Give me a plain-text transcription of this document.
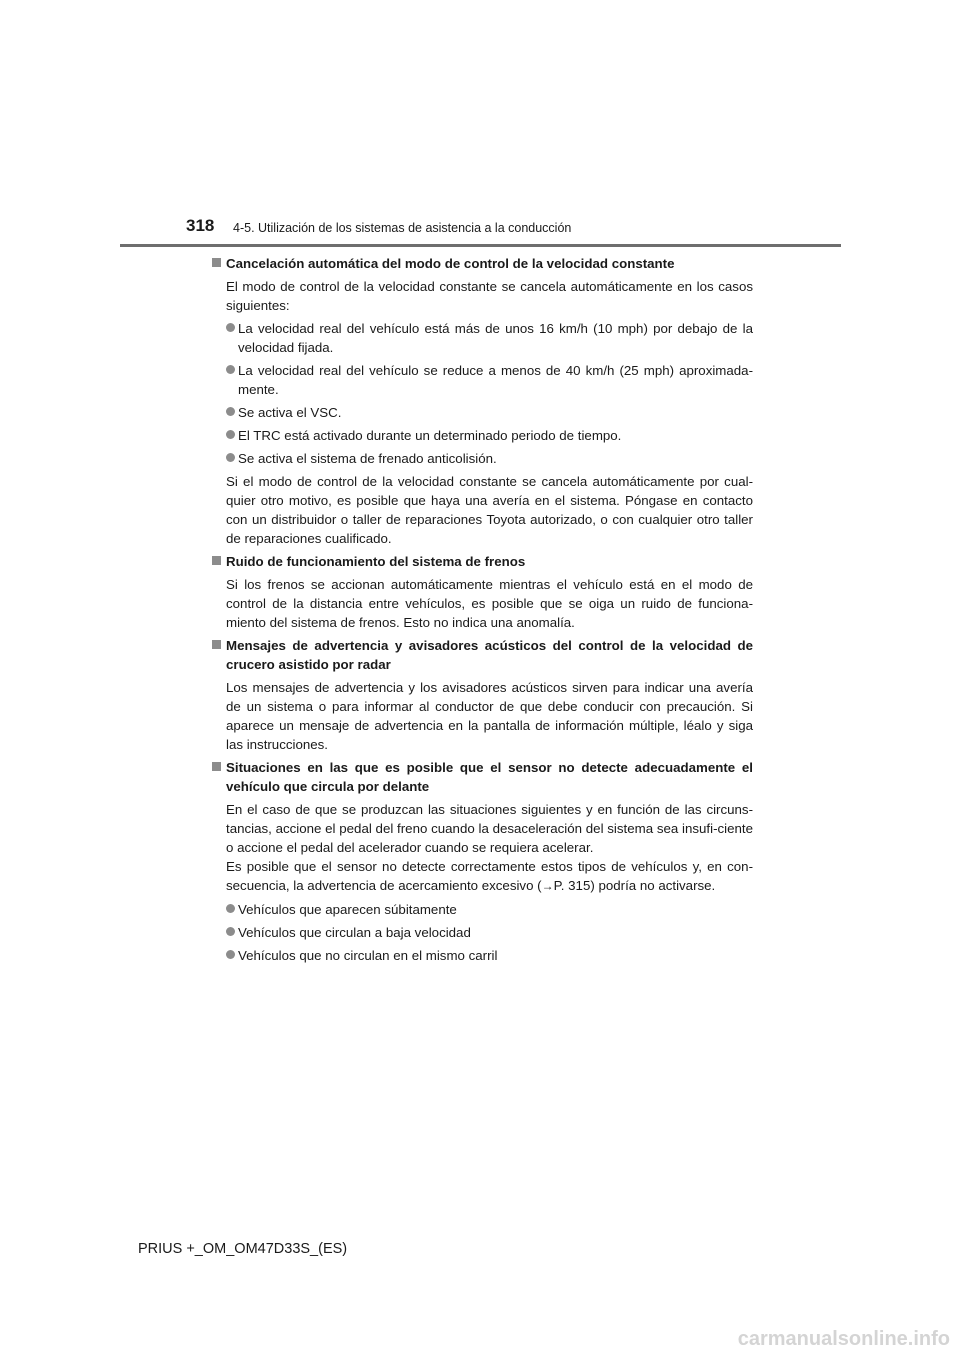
318 4-5. Utilización de los sistemas de asistencia a la conducción
Cancelación automática del modo de control de la velocidad constante
El modo de control de la velocidad constante se cancela automáticamente en los casos siguientes:
La velocidad real del vehículo está más de unos 16 km/h (10 mph) por debajo de la velocidad fijada.
La velocidad real del vehículo se reduce a menos de 40 km/h (25 mph) aproximada-mente.
Se activa el VSC.
El TRC está activado durante un determinado periodo de tiempo.
Se activa el sistema de frenado anticolisión.
Si el modo de control de la velocidad constante se cancela automáticamente por cual-quier otro motivo, es posible que haya una avería en el sistema. Póngase en contacto con un distribuidor o taller de reparaciones Toyota autorizado, o con cualquier otro taller de reparaciones cualificado.
Ruido de funcionamiento del sistema de frenos
Si los frenos se accionan automáticamente mientras el vehículo está en el modo de control de la distancia entre vehículos, es posible que se oiga un ruido de funciona-miento del sistema de frenos. Esto no indica una anomalía.
Mensajes de advertencia y avisadores acústicos del control de la velocidad de crucero asistido por radar
Los mensajes de advertencia y los avisadores acústicos sirven para indicar una avería de un sistema o para informar al conductor de que debe conducir con precaución. Si aparece un mensaje de advertencia en la pantalla de información múltiple, léalo y siga las instrucciones.
Situaciones en las que es posible que el sensor no detecte adecuadamente el vehículo que circula por delante
En el caso de que se produzcan las situaciones siguientes y en función de las circuns-tancias, accione el pedal del freno cuando la desaceleración del sistema sea insufi-ciente o accione el pedal del acelerador cuando se requiera acelerar.
Es posible que el sensor no detecte correctamente estos tipos de vehículos y, en con-secuencia, la advertencia de acercamiento excesivo (→P. 315) podría no activarse.
Vehículos que aparecen súbitamente
Vehículos que circulan a baja velocidad
Vehículos que no circulan en el mismo carril
PRIUS +_OM_OM47D33S_(ES)
carmanualsonline.info
